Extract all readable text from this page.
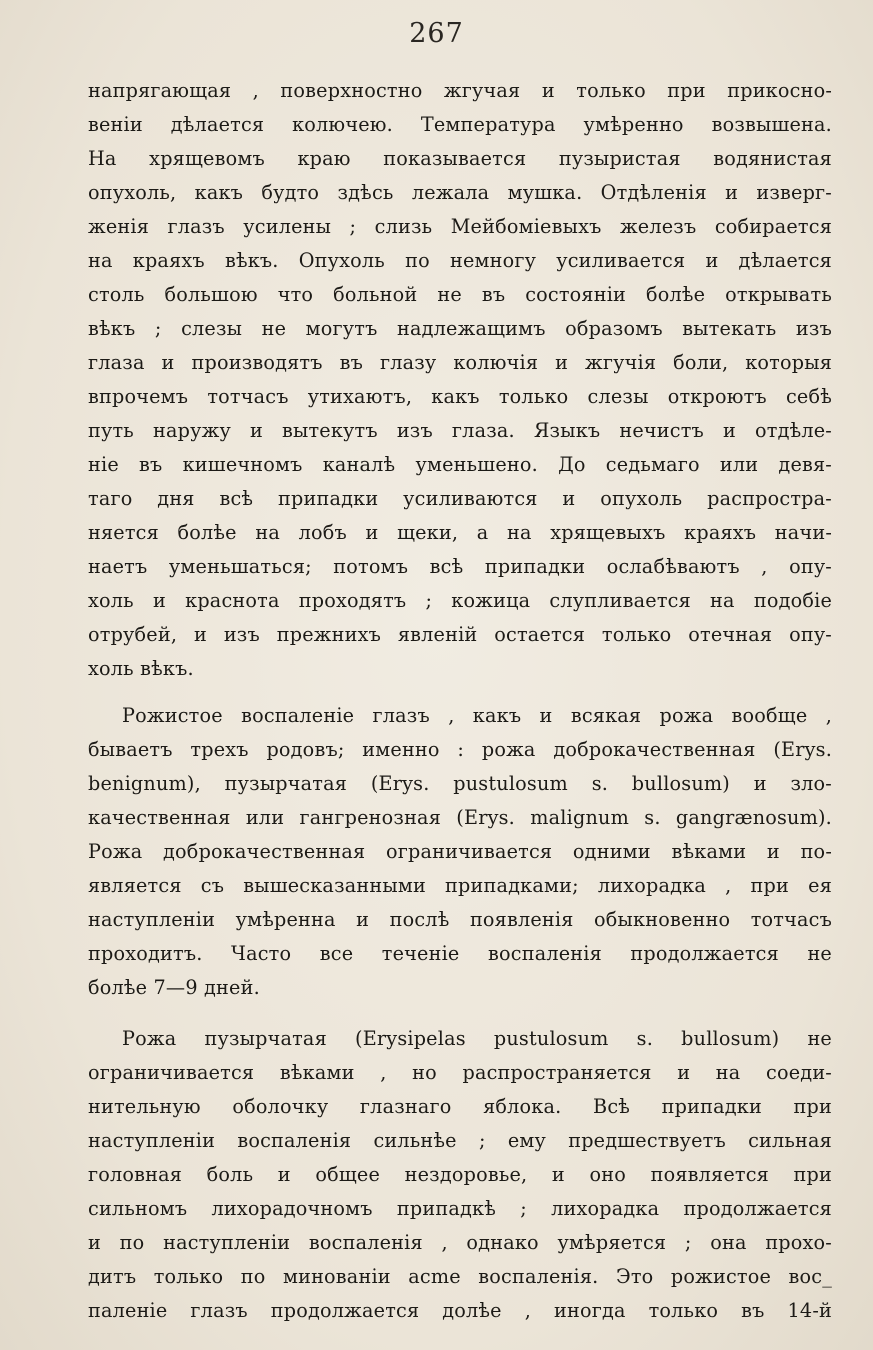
267
напрягающая , поверхностно жгучая и только при прикосно-
веніи дѣлается колючею. Температура умѣренно возвышена.
На хрящевомъ краю показывается пузыристая водянистая
опухоль, какъ будто здѣсь лежала мушка. Отдѣленія и изверг-
женія глазъ усилены ; слизь Мейбоміевыхъ железъ собирается
на краяхъ вѣкъ. Опухоль по немногу усиливается и дѣлается
столь большою что больной не въ состояніи болѣе открывать
вѣкъ ; слезы не могутъ надлежащимъ образомъ вытекать изъ
глаза и производятъ въ глазу колючія и жгучія боли, которыя
впрочемъ тотчасъ утихаютъ, какъ только слезы откроютъ себѣ
путь наружу и вытекутъ изъ глаза. Языкъ нечистъ и отдѣле-
ніе въ кишечномъ каналѣ уменьшено. До седьмаго или девя-
таго дня всѣ припадки усиливаются и опухоль распростра-
няется болѣе на лобъ и щеки, а на хрящевыхъ краяхъ начи-
наетъ уменьшаться; потомъ всѣ припадки ослабѣваютъ , опу-
холь и краснота проходятъ ; кожица слупливается на подобіе
отрубей, и изъ прежнихъ явленій остается только отечная опу-
холь вѣкъ.
Рожистое воспаленіе глазъ , какъ и всякая рожа вообще ,
бываетъ трехъ родовъ; именно : рожа доброкачественная (Erys.
benignum), пузырчатая (Erys. pustulosum s. bullosum) и зло-
качественная или гангренозная (Erys. malignum s. gangrænosum).
Рожа доброкачественная ограничивается одними вѣками и по-
является съ вышесказанными припадками; лихорадка , при ея
наступленіи умѣренна и послѣ появленія обыкновенно тотчасъ
проходитъ. Часто все теченіе воспаленія продолжается не
болѣе 7—9 дней.
Рожа пузырчатая (Erysipelas pustulosum s. bullosum) не
ограничивается вѣками , но распространяется и на соеди-
нительную оболочку глазнаго яблока. Всѣ припадки при
наступленіи воспаленія сильнѣе ; ему предшествуетъ сильная
головная боль и общее нездоровье, и оно появляется при
сильномъ лихорадочномъ припадкѣ ; лихорадка продолжается
и по наступленіи воспаленія , однако умѣряется ; она прохо-
дитъ только по минованіи acme воспаленія. Это рожистое вос_
паленіе глазъ продолжается долѣе , иногда только въ 14-й
